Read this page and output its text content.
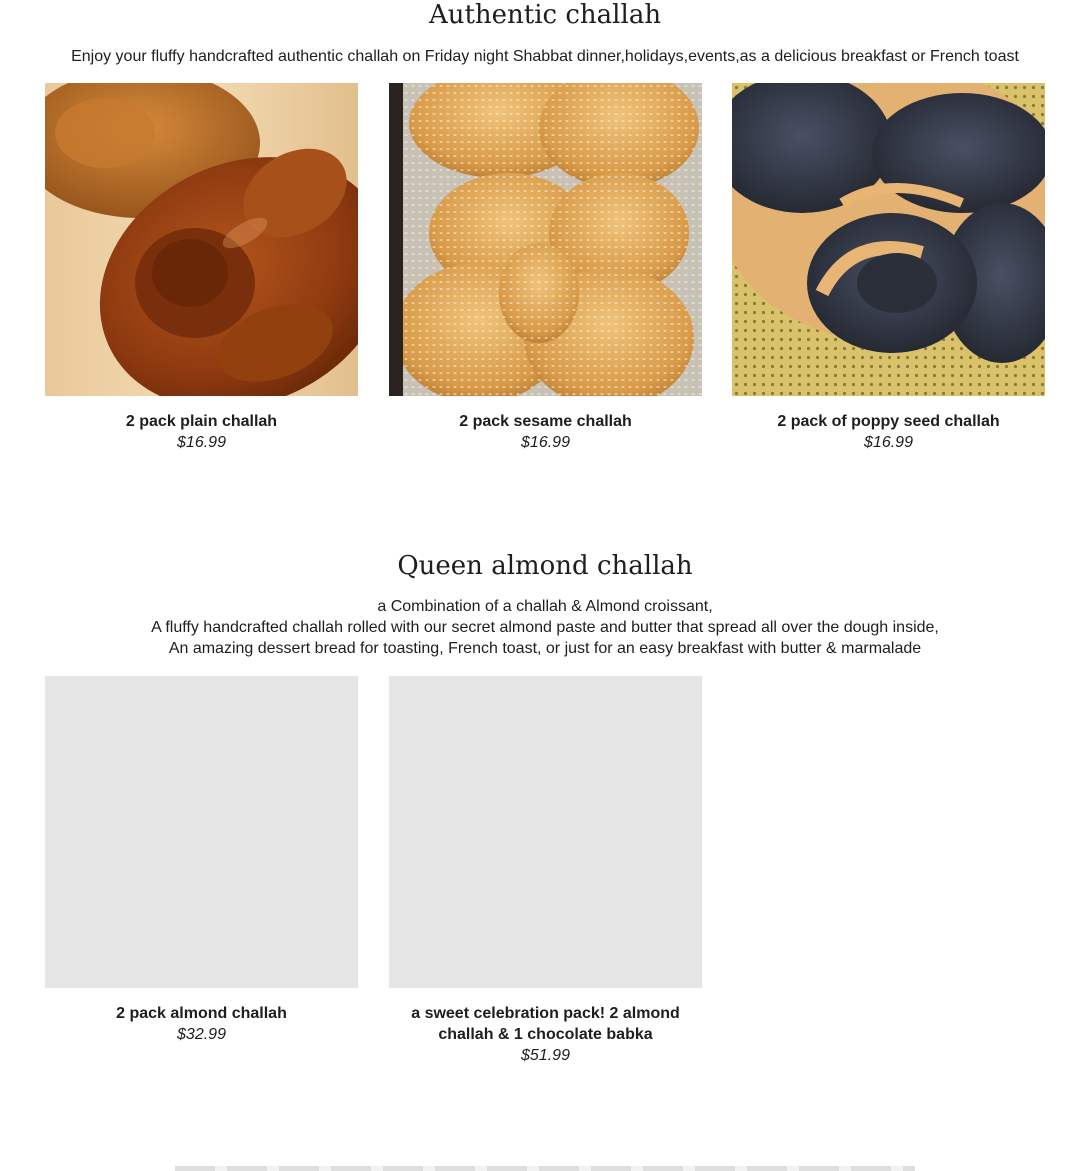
Authentic challah

Enjoy your fluffy handcrafted authentic challah on Friday night Shabbat dinner,holidays,events,as a delicious breakfast or French toast

2 pack plain challah
$16.99
2 pack sesame challah
$16.99
2 pack of poppy seed challah
$16.99
Queen almond challah

a Combination of a challah & Almond croissant,

A fluffy handcrafted challah rolled with our secret almond paste and butter that spread all over the dough inside,

An amazing dessert bread for toasting, French toast, or just for an easy breakfast with butter & marmalade

2 pack almond challah
$32.99
a sweet celebration pack! 2 almond challah & 1 chocolate babka
$51.99
